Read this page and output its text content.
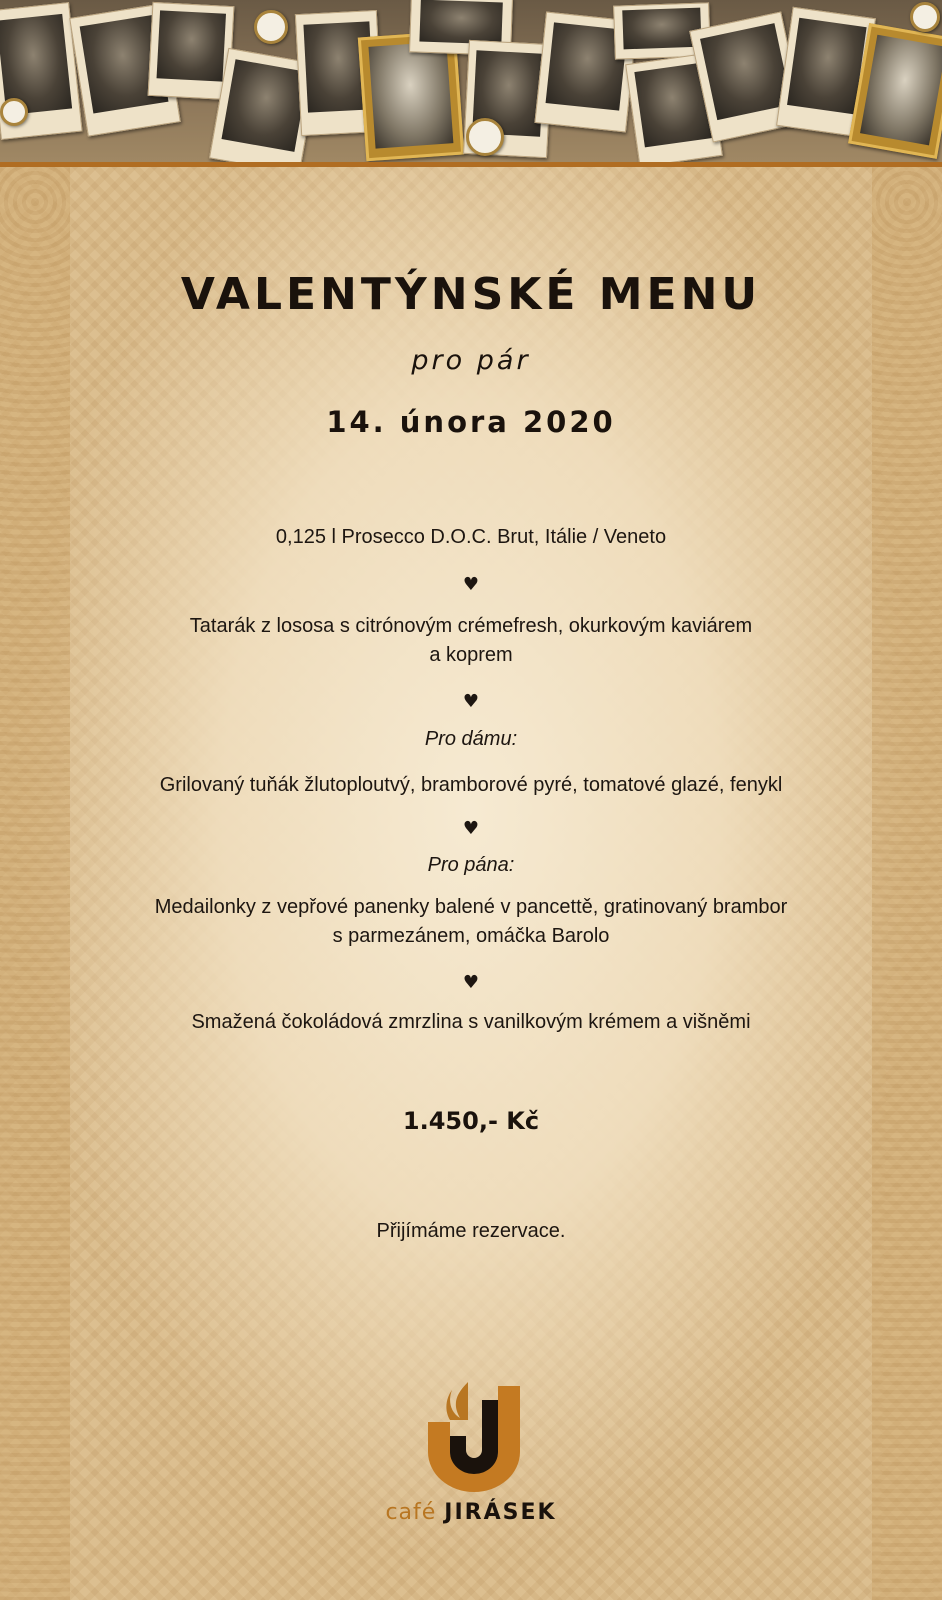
VALENTÝNSKÉ MENU
pro pár
14. února 2020
0,125 l Prosecco D.O.C. Brut, Itálie / Veneto
♥
Tatarák z lososa s citrónovým crémefresh, okurkovým kaviárem
a koprem
♥
Pro dámu:
Grilovaný tuňák žlutoploutvý, bramborové pyré, tomatové glazé, fenykl
♥
Pro pána:
Medailonky z vepřové panenky balené v pancettě, gratinovaný brambor
s parmezánem, omáčka Barolo
♥
Smažená čokoládová zmrzlina s vanilkovým krémem a višněmi
1.450,- Kč
Přijímáme rezervace.
café JIRÁSEK
